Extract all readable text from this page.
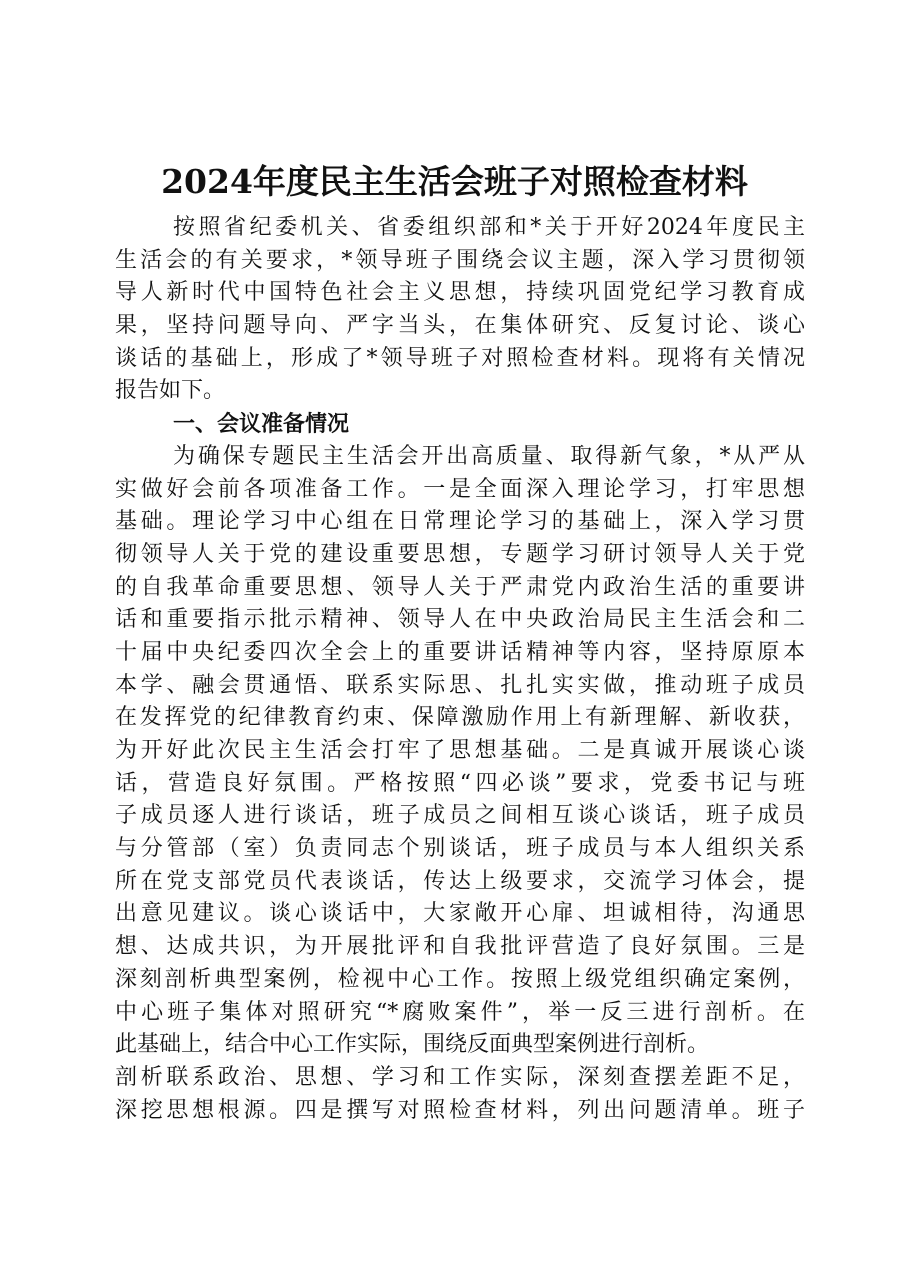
2024年度民主生活会班子对照检查材料
按照省纪委机关、省委组织部和*关于开好2024年度民主
生活会的有关要求，*领导班子围绕会议主题，深入学习贯彻领
导人新时代中国特色社会主义思想，持续巩固党纪学习教育成
果，坚持问题导向、严字当头，在集体研究、反复讨论、谈心
谈话的基础上，形成了*领导班子对照检查材料。现将有关情况
报告如下。
一、会议准备情况
为确保专题民主生活会开出高质量、取得新气象，*从严从
实做好会前各项准备工作。一是全面深入理论学习，打牢思想
基础。理论学习中心组在日常理论学习的基础上，深入学习贯
彻领导人关于党的建设重要思想，专题学习研讨领导人关于党
的自我革命重要思想、领导人关于严肃党内政治生活的重要讲
话和重要指示批示精神、领导人在中央政治局民主生活会和二
十届中央纪委四次全会上的重要讲话精神等内容，坚持原原本
本学、融会贯通悟、联系实际思、扎扎实实做，推动班子成员
在发挥党的纪律教育约束、保障激励作用上有新理解、新收获，
为开好此次民主生活会打牢了思想基础。二是真诚开展谈心谈
话，营造良好氛围。严格按照“四必谈”要求，党委书记与班
子成员逐人进行谈话，班子成员之间相互谈心谈话，班子成员
与分管部（室）负责同志个别谈话，班子成员与本人组织关系
所在党支部党员代表谈话，传达上级要求，交流学习体会，提
出意见建议。谈心谈话中，大家敞开心扉、坦诚相待，沟通思
想、达成共识，为开展批评和自我批评营造了良好氛围。三是
深刻剖析典型案例，检视中心工作。按照上级党组织确定案例，
中心班子集体对照研究“*腐败案件”，举一反三进行剖析。在
此基础上，结合中心工作实际，围绕反面典型案例进行剖析。
剖析联系政治、思想、学习和工作实际，深刻查摆差距不足，
深挖思想根源。四是撰写对照检查材料，列出问题清单。班子
